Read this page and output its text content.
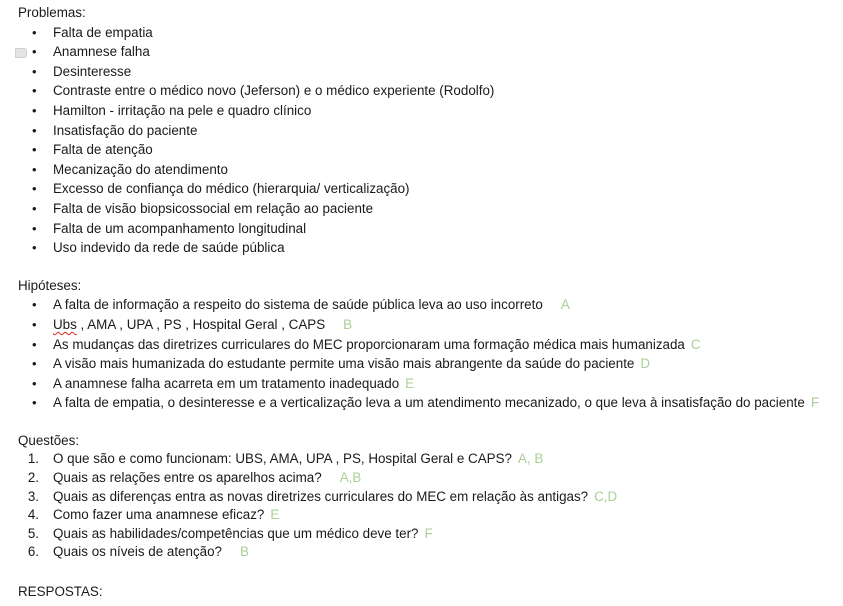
Problemas:
• Falta de empatia
• Anamnese falha
• Desinteresse
• Contraste entre o médico novo (Jeferson) e o médico experiente (Rodolfo)
• Hamilton - irritação na pele e quadro clínico
• Insatisfação do paciente
• Falta de atenção
• Mecanização do atendimento
• Excesso de confiança do médico (hierarquia/ verticalização)
• Falta de visão biopsicossocial em relação ao paciente
• Falta de um acompanhamento longitudinal
• Uso indevido da rede de saúde pública
Hipóteses:
• A falta de informação a respeito do sistema de saúde pública leva ao uso incorreto A
• Ubs , AMA , UPA , PS , Hospital Geral , CAPS B
• As mudanças das diretrizes curriculares do MEC proporcionaram uma formação médica mais humanizada C
• A visão mais humanizada do estudante permite uma visão mais abrangente da saúde do paciente D
• A anamnese falha acarreta em um tratamento inadequado E
• A falta de empatia, o desinteresse e a verticalização leva a um atendimento mecanizado, o que leva à insatisfação do paciente F
Questões:
1. O que são e como funcionam: UBS, AMA, UPA , PS, Hospital Geral e CAPS? A, B
2. Quais as relações entre os aparelhos acima? A,B
3. Quais as diferenças entra as novas diretrizes curriculares do MEC em relação às antigas? C,D
4. Como fazer uma anamnese eficaz? E
5. Quais as habilidades/competências que um médico deve ter? F
6. Quais os níveis de atenção? B
RESPOSTAS:
